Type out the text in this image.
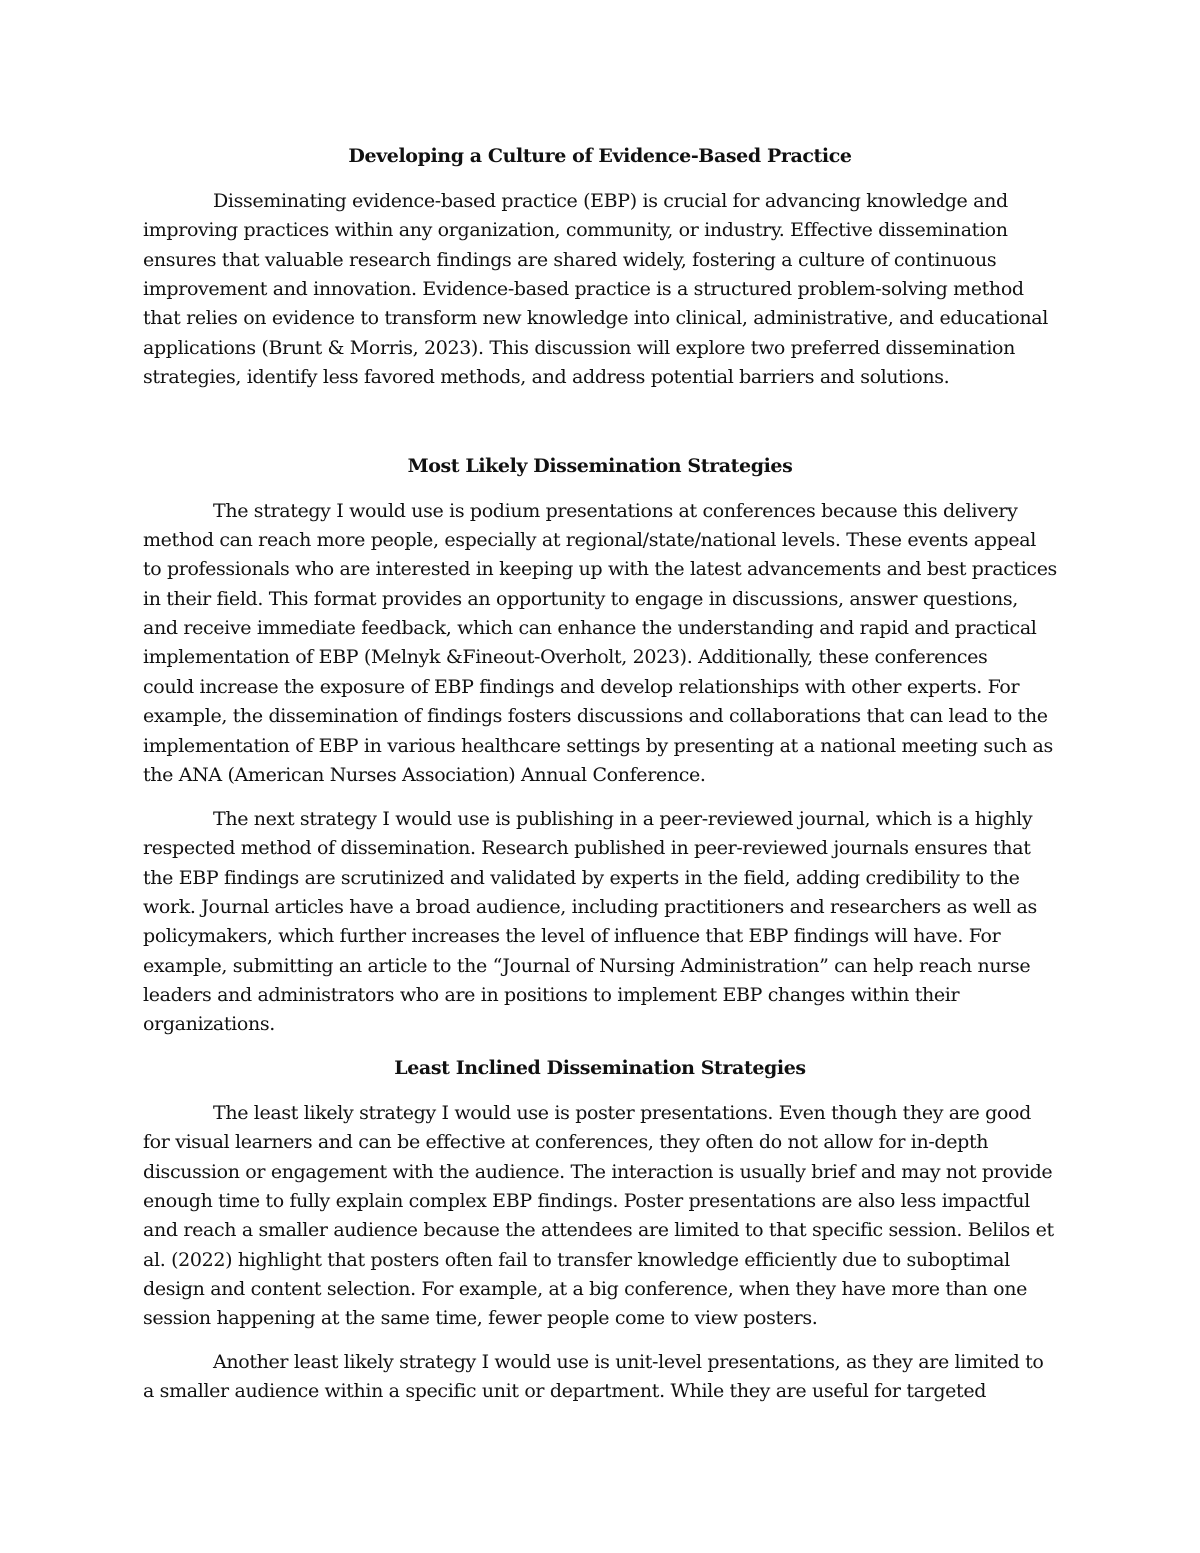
Developing a Culture of Evidence-Based Practice
Disseminating evidence-based practice (EBP) is crucial for advancing knowledge and
improving practices within any organization, community, or industry. Effective dissemination
ensures that valuable research findings are shared widely, fostering a culture of continuous
improvement and innovation. Evidence-based practice is a structured problem-solving method
that relies on evidence to transform new knowledge into clinical, administrative, and educational
applications (Brunt & Morris, 2023). This discussion will explore two preferred dissemination
strategies, identify less favored methods, and address potential barriers and solutions.
Most Likely Dissemination Strategies
The strategy I would use is podium presentations at conferences because this delivery
method can reach more people, especially at regional/state/national levels. These events appeal
to professionals who are interested in keeping up with the latest advancements and best practices
in their field. This format provides an opportunity to engage in discussions, answer questions,
and receive immediate feedback, which can enhance the understanding and rapid and practical
implementation of EBP (Melnyk &Fineout-Overholt, 2023). Additionally, these conferences
could increase the exposure of EBP findings and develop relationships with other experts. For
example, the dissemination of findings fosters discussions and collaborations that can lead to the
implementation of EBP in various healthcare settings by presenting at a national meeting such as
the ANA (American Nurses Association) Annual Conference.
The next strategy I would use is publishing in a peer-reviewed journal, which is a highly
respected method of dissemination. Research published in peer-reviewed journals ensures that
the EBP findings are scrutinized and validated by experts in the field, adding credibility to the
work. Journal articles have a broad audience, including practitioners and researchers as well as
policymakers, which further increases the level of influence that EBP findings will have. For
example, submitting an article to the “Journal of Nursing Administration” can help reach nurse
leaders and administrators who are in positions to implement EBP changes within their
organizations.
Least Inclined Dissemination Strategies
The least likely strategy I would use is poster presentations. Even though they are good
for visual learners and can be effective at conferences, they often do not allow for in-depth
discussion or engagement with the audience. The interaction is usually brief and may not provide
enough time to fully explain complex EBP findings. Poster presentations are also less impactful
and reach a smaller audience because the attendees are limited to that specific session. Belilos et
al. (2022) highlight that posters often fail to transfer knowledge efficiently due to suboptimal
design and content selection. For example, at a big conference, when they have more than one
session happening at the same time, fewer people come to view posters.
Another least likely strategy I would use is unit-level presentations, as they are limited to
a smaller audience within a specific unit or department. While they are useful for targeted
